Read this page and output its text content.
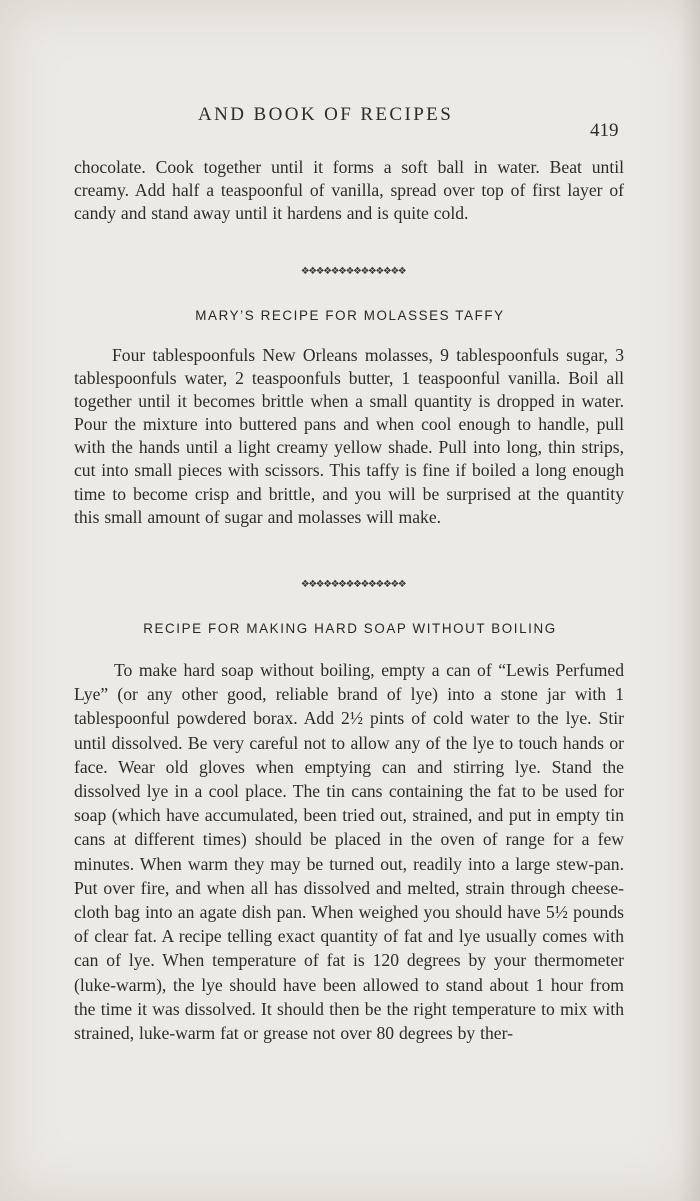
AND BOOK OF RECIPES
419

chocolate. Cook together until it forms a soft ball in water. Beat until creamy. Add half a teaspoonful of vanilla, spread over top of first layer of candy and stand away until it hardens and is quite cold.

❖❖❖❖❖❖❖❖❖❖❖❖❖❖
MARY’S RECIPE FOR MOLASSES TAFFY

Four tablespoonfuls New Orleans molasses, 9 tablespoonfuls sugar, 3 tablespoonfuls water, 2 teaspoonfuls butter, 1 teaspoonful vanilla. Boil all together until it becomes brittle when a small quantity is dropped in water. Pour the mixture into buttered pans and when cool enough to handle, pull with the hands until a light creamy yellow shade. Pull into long, thin strips, cut into small pieces with scissors. This taffy is fine if boiled a long enough time to become crisp and brittle, and you will be surprised at the quantity this small amount of sugar and molasses will make.

❖❖❖❖❖❖❖❖❖❖❖❖❖❖
RECIPE FOR MAKING HARD SOAP WITHOUT BOILING

To make hard soap without boiling, empty a can of “Lewis Perfumed Lye” (or any other good, reliable brand of lye) into a stone jar with 1 tablespoonful powdered borax. Add 2½ pints of cold water to the lye. Stir until dissolved. Be very careful not to allow any of the lye to touch hands or face. Wear old gloves when emptying can and stirring lye. Stand the dissolved lye in a cool place. The tin cans containing the fat to be used for soap (which have accumulated, been tried out, strained, and put in empty tin cans at different times) should be placed in the oven of range for a few minutes. When warm they may be turned out, readily into a large stew-pan. Put over fire, and when all has dissolved and melted, strain through cheese-cloth bag into an agate dish pan. When weighed you should have 5½ pounds of clear fat. A recipe telling exact quantity of fat and lye usually comes with can of lye. When temperature of fat is 120 degrees by your thermometer (luke-warm), the lye should have been allowed to stand about 1 hour from the time it was dissolved. It should then be the right temperature to mix with strained, luke-warm fat or grease not over 80 degrees by ther-
